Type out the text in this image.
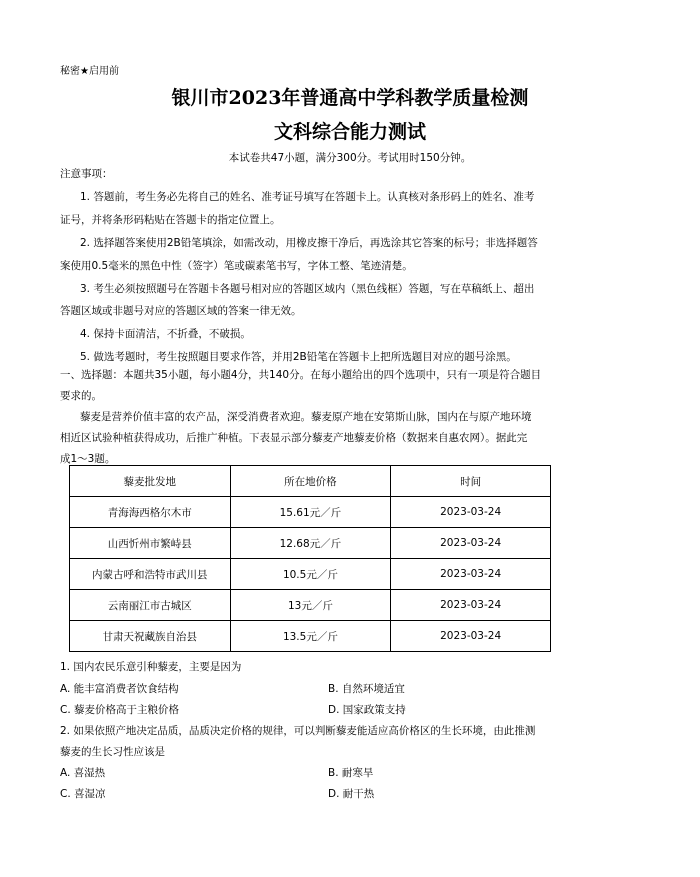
秘密★启用前
银川市2023年普通高中学科教学质量检测
文科综合能力测试
本试卷共47小题，满分300分。考试用时150分钟。
注意事项：
1. 答题前，考生务必先将自己的姓名、准考证号填写在答题卡上。认真核对条形码上的姓名、准考
证号，并将条形码粘贴在答题卡的指定位置上。
2. 选择题答案使用2B铅笔填涂，如需改动，用橡皮擦干净后，再选涂其它答案的标号；非选择题答
案使用0.5毫米的黑色中性（签字）笔或碳素笔书写，字体工整、笔迹清楚。
3. 考生必须按照题号在答题卡各题号相对应的答题区域内（黑色线框）答题，写在草稿纸上、超出
答题区域或非题号对应的答题区域的答案一律无效。
4. 保持卡面清洁，不折叠，不破损。
5. 做选考题时，考生按照题目要求作答，并用2B铅笔在答题卡上把所选题目对应的题号涂黑。
一、选择题：本题共35小题，每小题4分，共140分。在每小题给出的四个选项中，只有一项是符合题目
要求的。
藜麦是营养价值丰富的农产品，深受消费者欢迎。藜麦原产地在安第斯山脉，国内在与原产地环境
相近区试验种植获得成功，后推广种植。下表显示部分藜麦产地藜麦价格（数据来自惠农网）。据此完
成1～3题。
藜麦批发地	所在地价格	时间
青海海西格尔木市	15.61元／斤	2023-03-24
山西忻州市繁峙县	12.68元／斤	2023-03-24
内蒙古呼和浩特市武川县	10.5元／斤	2023-03-24
云南丽江市古城区	13元／斤	2023-03-24
甘肃天祝藏族自治县	13.5元／斤	2023-03-24
1. 国内农民乐意引种藜麦，主要是因为
A. 能丰富消费者饮食结构	B. 自然环境适宜
C. 藜麦价格高于主粮价格	D. 国家政策支持
2. 如果依照产地决定品质，品质决定价格的规律，可以判断藜麦能适应高价格区的生长环境，由此推测
藜麦的生长习性应该是
A. 喜湿热	B. 耐寒旱
C. 喜湿凉	D. 耐干热
